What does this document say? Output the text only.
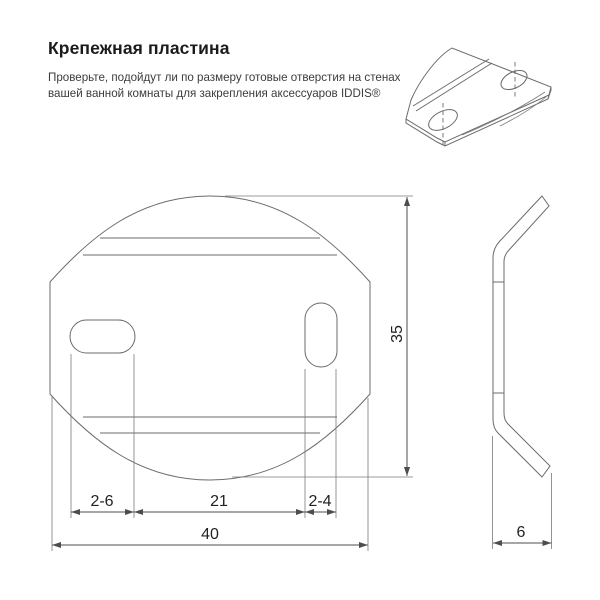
Крепежная пластина
Проверьте, подойдут ли по размеру готовые отверстия на стенах
вашей ванной комнаты для закрепления аксессуаров IDDIS®
2-6	21	2-4
40
35
6
